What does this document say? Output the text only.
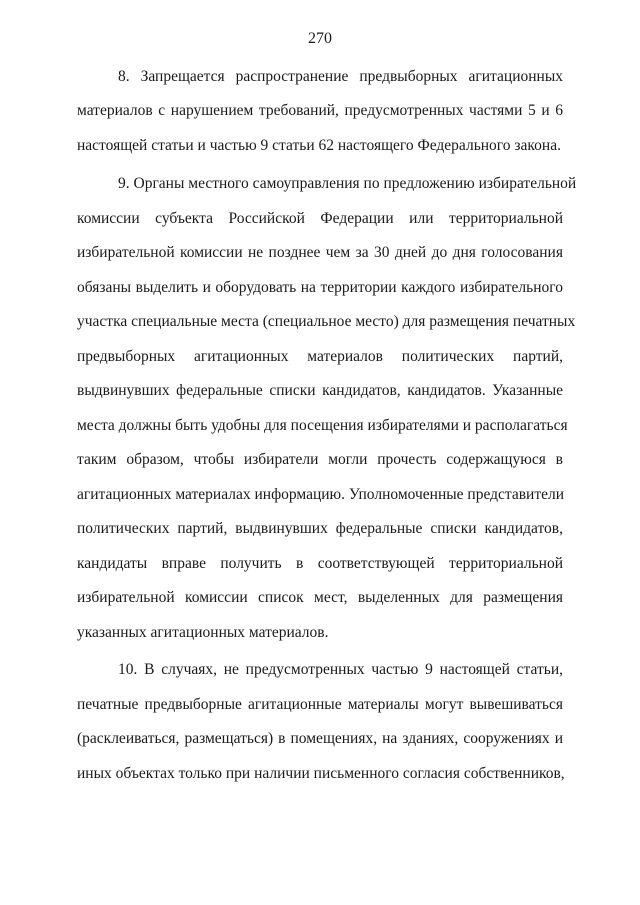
270
8. Запрещается распространение предвыборных агитационных
материалов с нарушением требований, предусмотренных частями 5 и 6
настоящей статьи и частью 9 статьи 62 настоящего Федерального закона.
9. Органы местного самоуправления по предложению избирательной
комиссии субъекта Российской Федерации или территориальной
избирательной комиссии не позднее чем за 30 дней до дня голосования
обязаны выделить и оборудовать на территории каждого избирательного
участка специальные места (специальное место) для размещения печатных
предвыборных агитационных материалов политических партий,
выдвинувших федеральные списки кандидатов, кандидатов. Указанные
места должны быть удобны для посещения избирателями и располагаться
таким образом, чтобы избиратели могли прочесть содержащуюся в
агитационных материалах информацию. Уполномоченные представители
политических партий, выдвинувших федеральные списки кандидатов,
кандидаты вправе получить в соответствующей территориальной
избирательной комиссии список мест, выделенных для размещения
указанных агитационных материалов.
10. В случаях, не предусмотренных частью 9 настоящей статьи,
печатные предвыборные агитационные материалы могут вывешиваться
(расклеиваться, размещаться) в помещениях, на зданиях, сооружениях и
иных объектах только при наличии письменного согласия собственников,
